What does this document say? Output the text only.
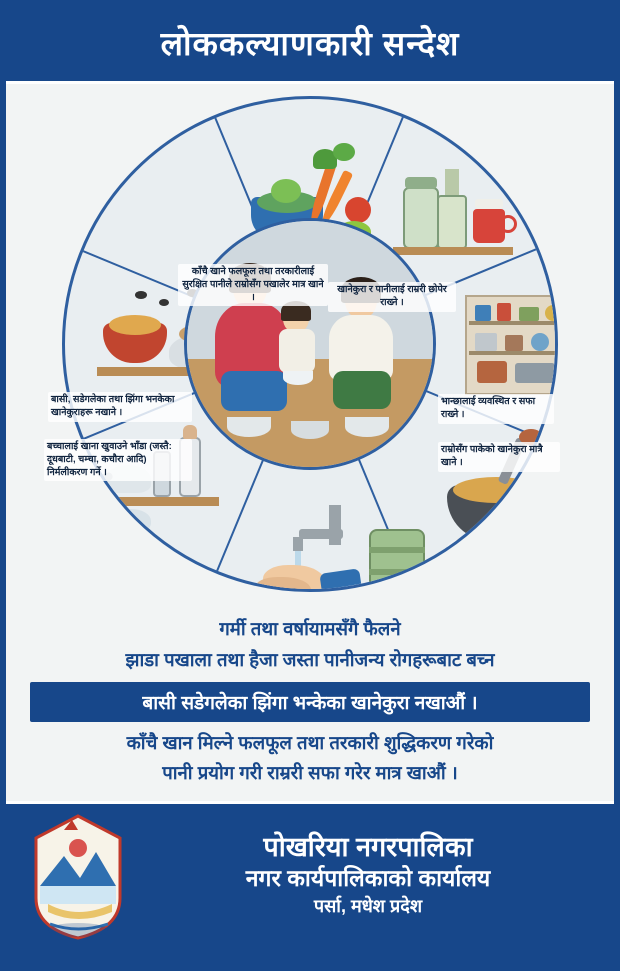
लोककल्याणकारी सन्देश
काँचै खाने फलफूल तथा तरकारीलाई सुरक्षित पानीले राम्रोसँग पखालेर मात्र खाने ।
खानेकुरा र पानीलाई राम्ररी छोपेर राख्ने ।
भान्छालाई व्यवस्थित र सफा राख्ने ।
राम्रोसँग पाकेको खानेकुरा मात्रै खाने ।
बच्चालाई खाना खुवाउने भाँडा (जस्तै: दूधबाटी, चम्चा, कचौरा आदि) निर्मलीकरण गर्ने ।
बासी, सडेगलेका तथा झिंगा भनकेका खानेकुराहरू नखाने ।
गर्मी तथा वर्षायामसँगै फैलने
झाडा पखाला तथा हैजा जस्ता पानीजन्य रोगहरूबाट बच्न
बासी सडेगलेका झिंगा भन्केका खानेकुरा नखाऔं ।
काँचै खान मिल्ने फलफूल तथा तरकारी शुद्धिकरण गरेको
पानी प्रयोग गरी राम्ररी सफा गरेर मात्र खाऔं ।
पोखरिया नगरपालिका
नगर कार्यपालिकाको कार्यालय
पर्सा, मधेश प्रदेश
